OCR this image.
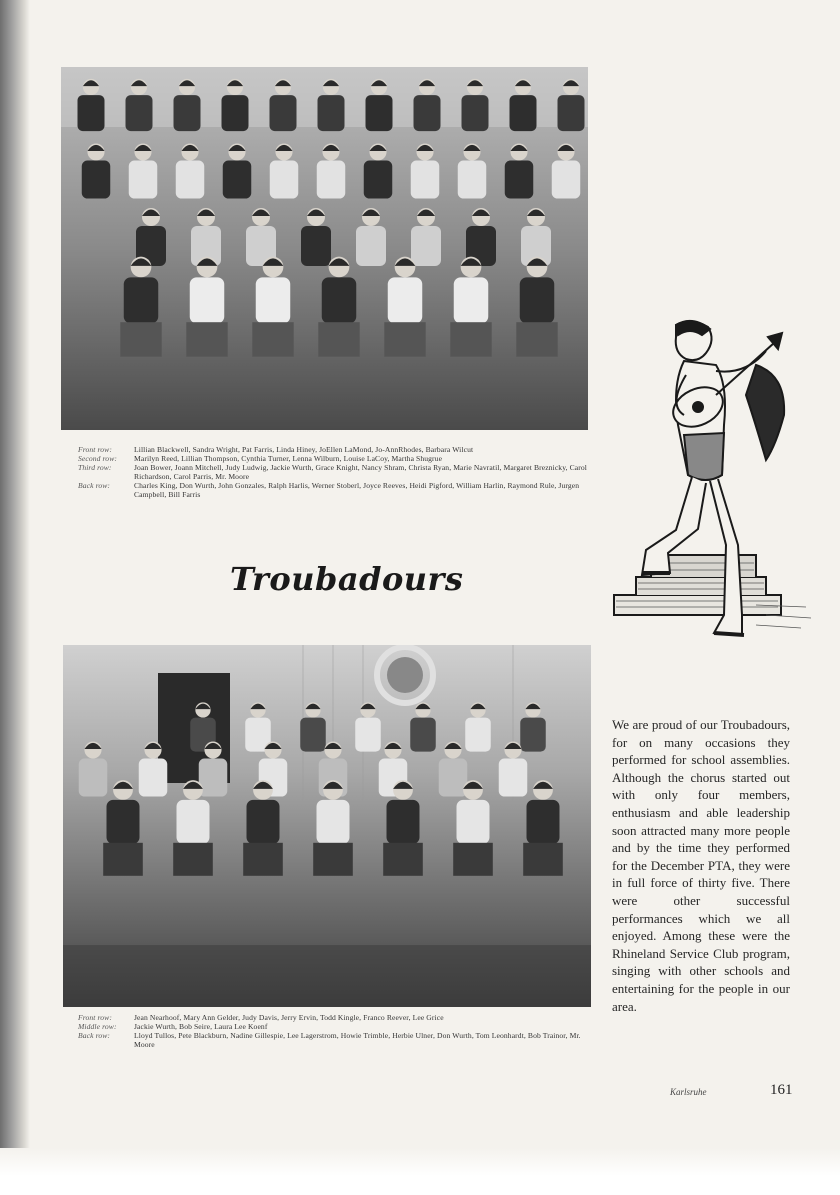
Front row:	Lillian Blackwell, Sandra Wright, Pat Farris, Linda Hiney, JoEllen LaMond, Jo-AnnRhodes, Barbara Wilcut
Second row:	Marilyn Reed, Lillian Thompson, Cynthia Turner, Lenna Wilburn, Louise LaCoy, Martha Shugrue
Third row:	Joan Bower, Joann Mitchell, Judy Ludwig, Jackie Wurth, Grace Knight, Nancy Shram, Christa Ryan, Marie Navratil, Margaret Breznicky, Carol Richardson, Carol Parris, Mr. Moore
Back row:	Charles King, Don Wurth, John Gonzales, Ralph Harlis, Werner Stoberl, Joyce Reeves, Heidi Pigford, William Harlin, Raymond Rule, Jurgen Campbell, Bill Farris
Troubadours
Front row:	Jean Nearhoof, Mary Ann Gelder, Judy Davis, Jerry Ervin, Todd Kingle, Franco Reever, Lee Grice
Middle row:	Jackie Wurth, Bob Seire, Laura Lee Koenf
Back row:	Lloyd Tullos, Pete Blackburn, Nadine Gillespie, Lee Lagerstrom, Howie Trimble, Herbie Ulner, Don Wurth, Tom Leonhardt, Bob Trainor, Mr. Moore
We are proud of our Troubadours, for on many occasions they performed for school assemblies. Although the chorus started out with only four members, enthusiasm and able leadership soon attracted many more people and by the time they performed for the December PTA, they were in full force of thirty five. There were other successful performances which we all enjoyed. Among these were the Rhineland Service Club program, singing with other schools and entertaining for the people in our area.
Karlsruhe	161
